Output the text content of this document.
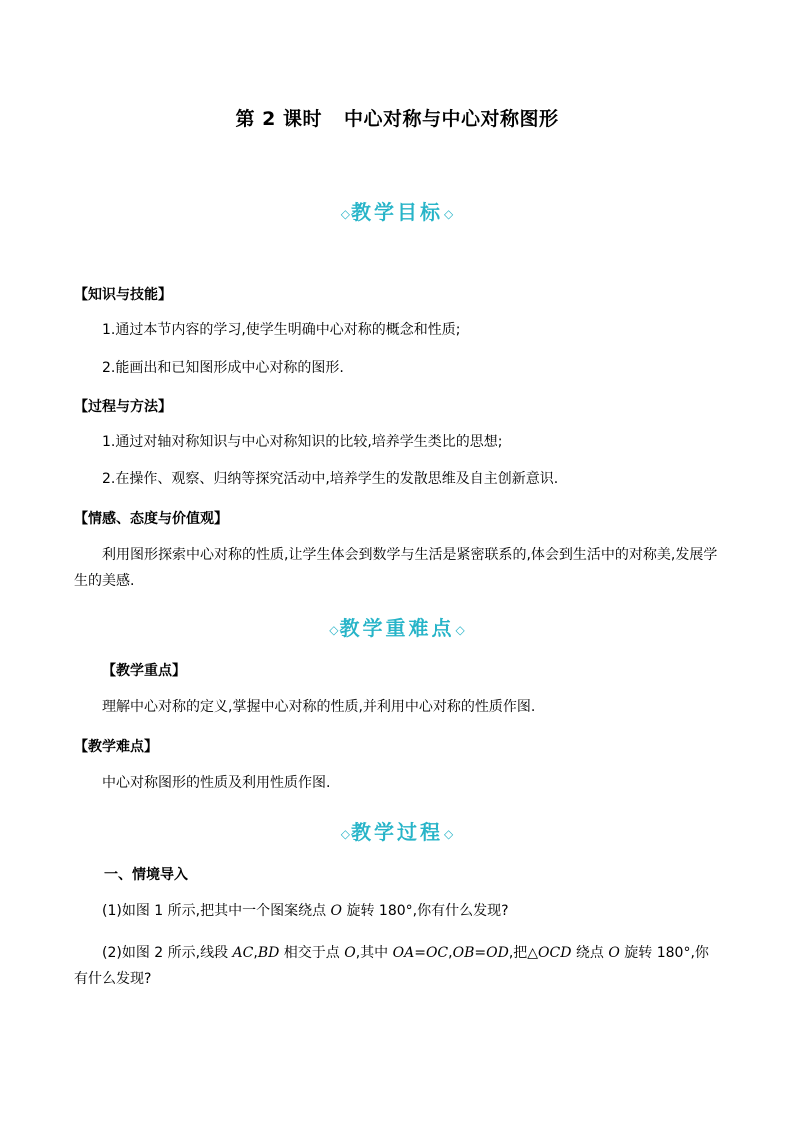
第 2 课时 中心对称与中心对称图形
◇教学目标◇
【知识与技能】
1.通过本节内容的学习,使学生明确中心对称的概念和性质;
2.能画出和已知图形成中心对称的图形.
【过程与方法】
1.通过对轴对称知识与中心对称知识的比较,培养学生类比的思想;
2.在操作、观察、归纳等探究活动中,培养学生的发散思维及自主创新意识.
【情感、态度与价值观】
利用图形探索中心对称的性质,让学生体会到数学与生活是紧密联系的,体会到生活中的对称美,发展学生的美感.
◇教学重难点◇
【教学重点】
理解中心对称的定义,掌握中心对称的性质,并利用中心对称的性质作图.
【教学难点】
中心对称图形的性质及利用性质作图.
◇教学过程◇
一、情境导入
(1)如图 1 所示,把其中一个图案绕点 O 旋转 180°,你有什么发现?
(2)如图 2 所示,线段 AC,BD 相交于点 O,其中 OA=OC,OB=OD,把△OCD 绕点 O 旋转 180°,你有什么发现?
